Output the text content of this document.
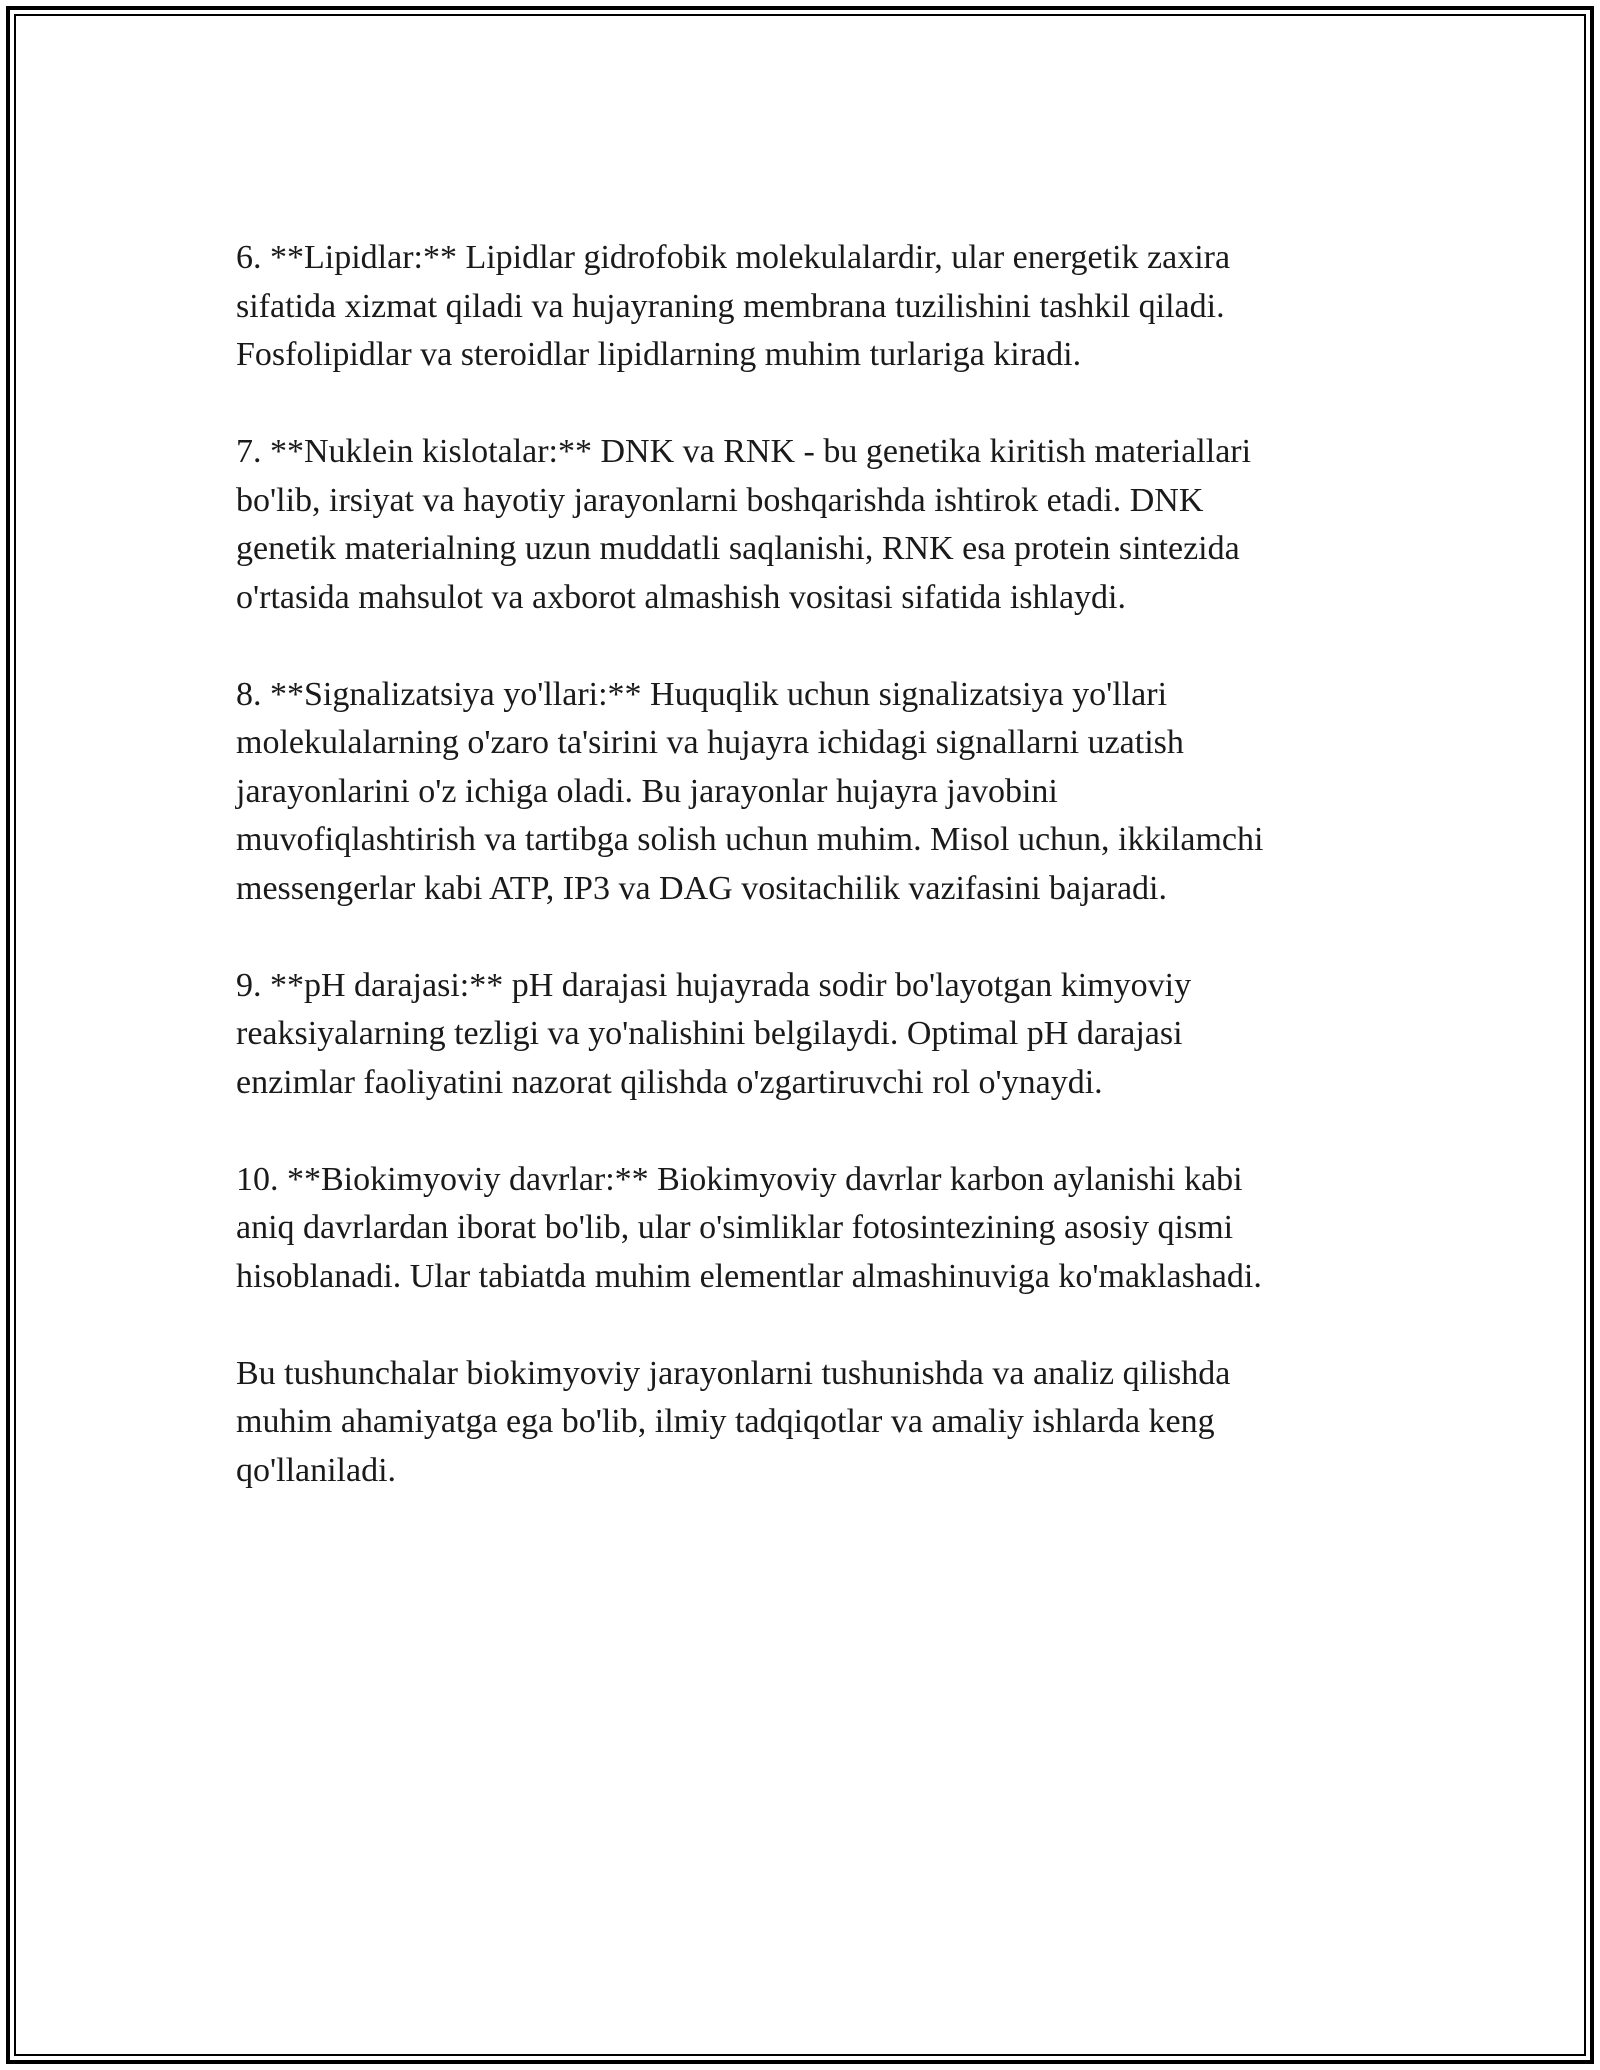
6. **Lipidlar:** Lipidlar gidrofobik molekulalardir, ular energetik zaxira
sifatida xizmat qiladi va hujayraning membrana tuzilishini tashkil qiladi.
Fosfolipidlar va steroidlar lipidlarning muhim turlariga kiradi.

7. **Nuklein kislotalar:** DNK va RNK - bu genetika kiritish materiallari
bo'lib, irsiyat va hayotiy jarayonlarni boshqarishda ishtirok etadi. DNK
genetik materialning uzun muddatli saqlanishi, RNK esa protein sintezida
o'rtasida mahsulot va axborot almashish vositasi sifatida ishlaydi.

8. **Signalizatsiya yo'llari:** Huquqlik uchun signalizatsiya yo'llari
molekulalarning o'zaro ta'sirini va hujayra ichidagi signallarni uzatish
jarayonlarini o'z ichiga oladi. Bu jarayonlar hujayra javobini
muvofiqlashtirish va tartibga solish uchun muhim. Misol uchun, ikkilamchi
messengerlar kabi ATP, IP3 va DAG vositachilik vazifasini bajaradi.

9. **pH darajasi:** pH darajasi hujayrada sodir bo'layotgan kimyoviy
reaksiyalarning tezligi va yo'nalishini belgilaydi. Optimal pH darajasi
enzimlar faoliyatini nazorat qilishda o'zgartiruvchi rol o'ynaydi.

10. **Biokimyoviy davrlar:** Biokimyoviy davrlar karbon aylanishi kabi
aniq davrlardan iborat bo'lib, ular o'simliklar fotosintezining asosiy qismi
hisoblanadi. Ular tabiatda muhim elementlar almashinuviga ko'maklashadi.

Bu tushunchalar biokimyoviy jarayonlarni tushunishda va analiz qilishda
muhim ahamiyatga ega bo'lib, ilmiy tadqiqotlar va amaliy ishlarda keng
qo'llaniladi.
